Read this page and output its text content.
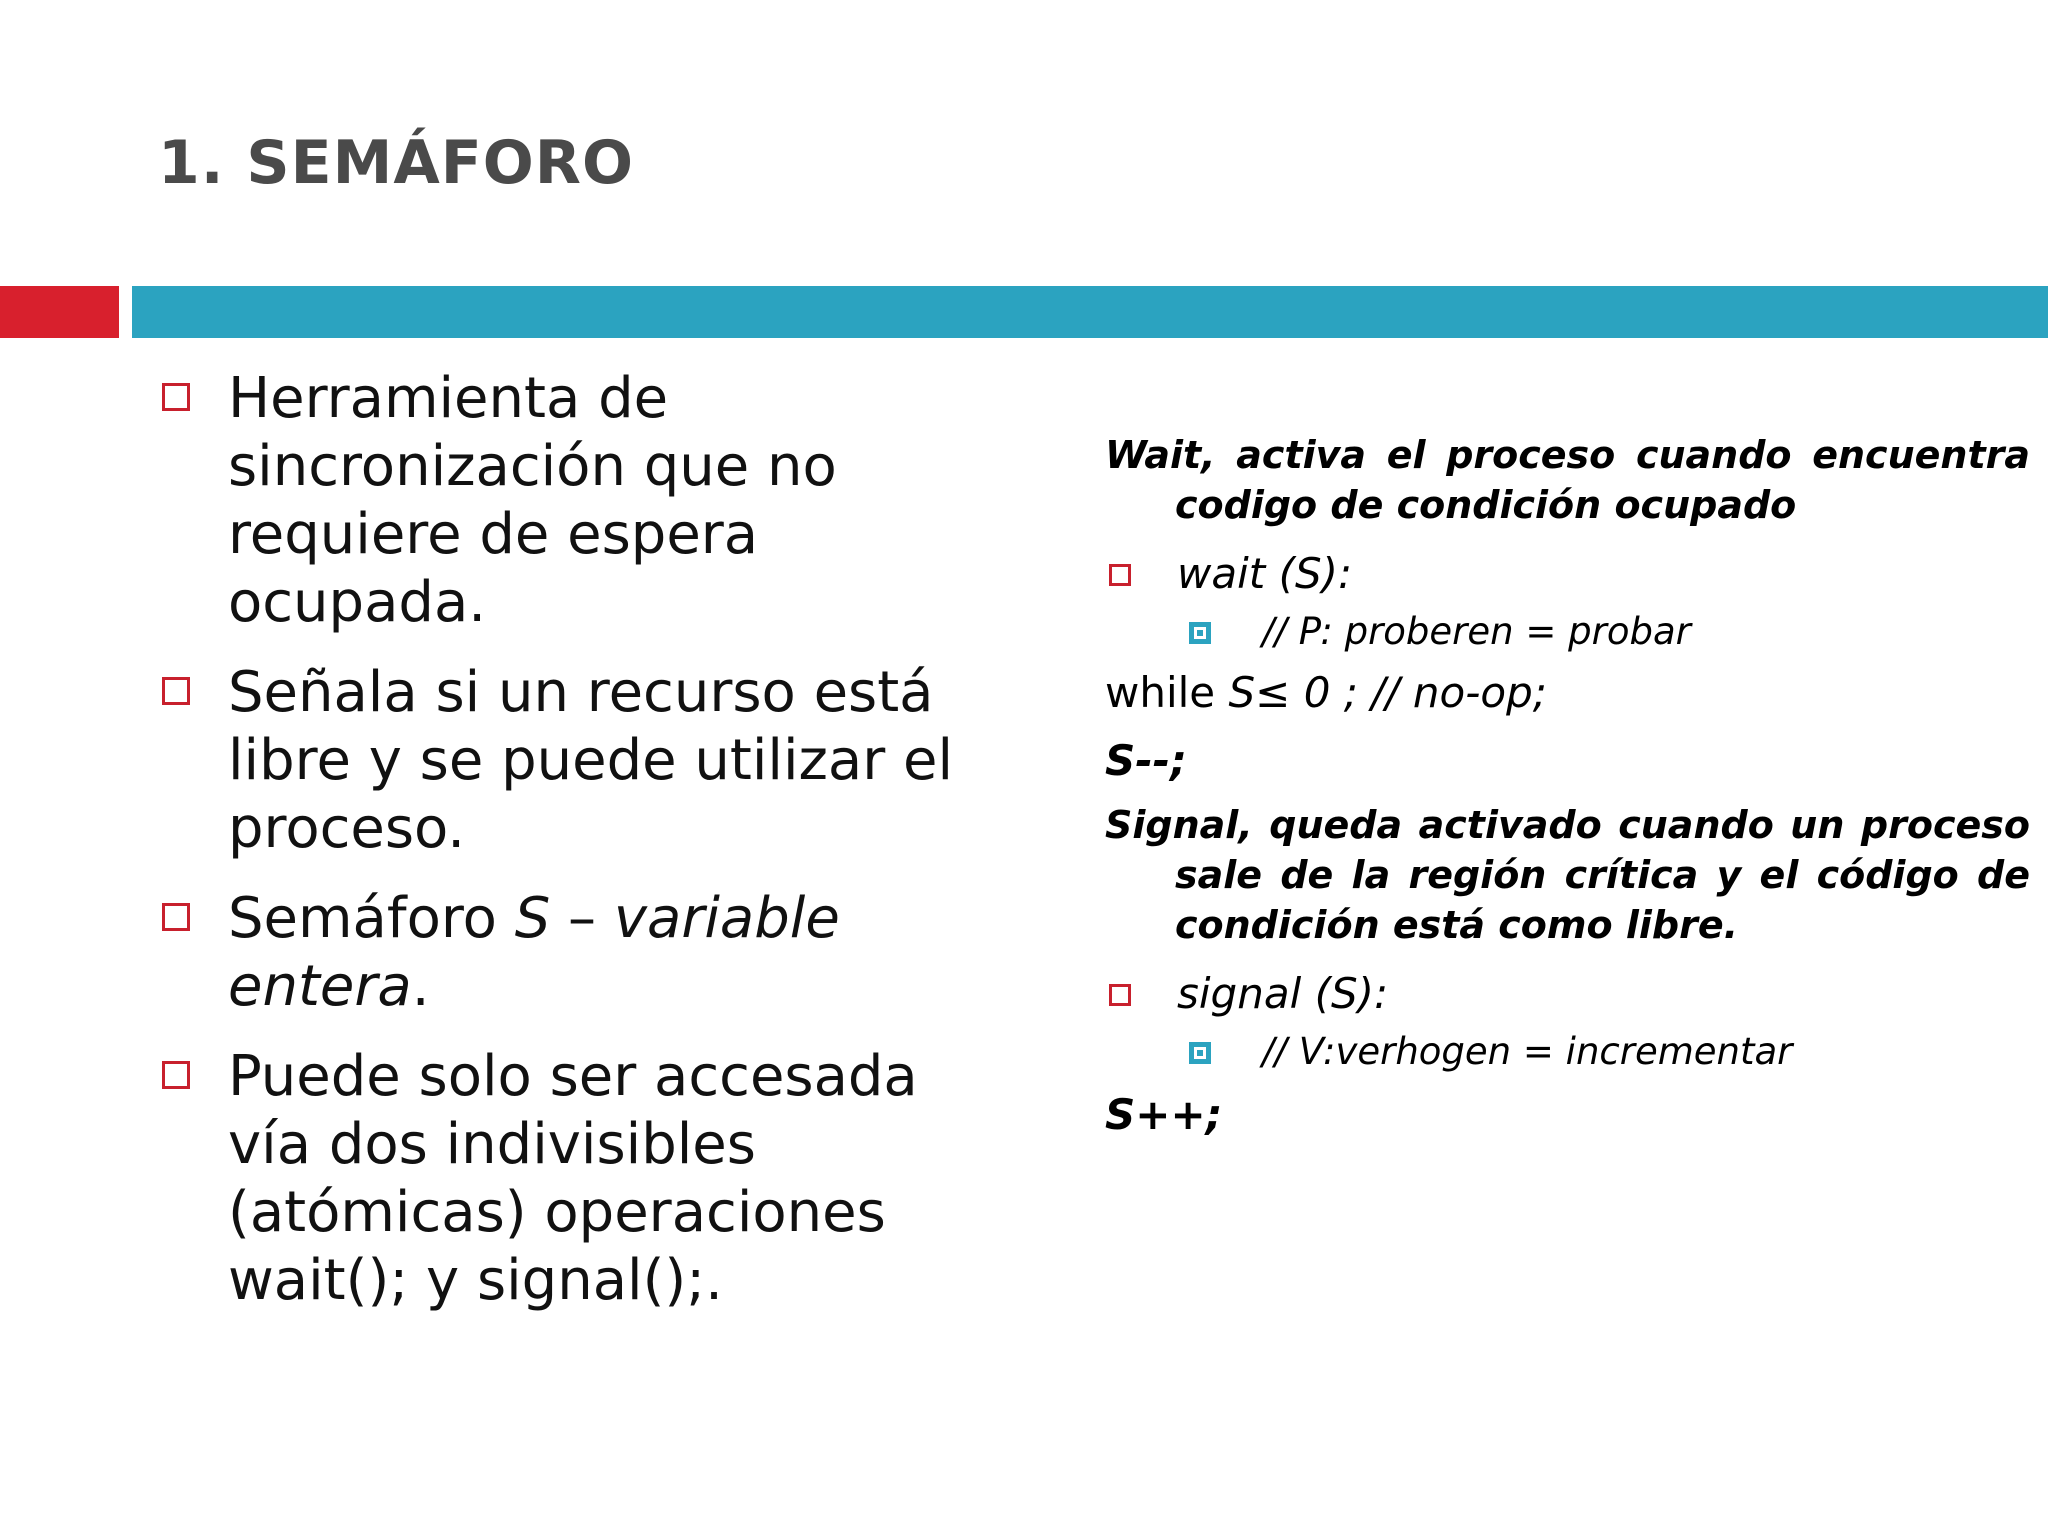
1. SEMÁFORO
Herramienta de sincronización que no requiere de espera ocupada.
Señala si un recurso está libre y se puede utilizar el proceso.
Semáforo S – variable entera.
Puede solo ser accesada vía dos indivisibles (atómicas) operaciones wait(); y signal();.
Wait, activa el proceso cuando encuentra codigo de condición ocupado
wait (S):
// P: proberen = probar
while S≤ 0 ; // no-op;
S--;
Signal, queda activado cuando un proceso sale de la región crítica y el código de condición está como libre.
signal (S):
// V:verhogen = incrementar
S++;
